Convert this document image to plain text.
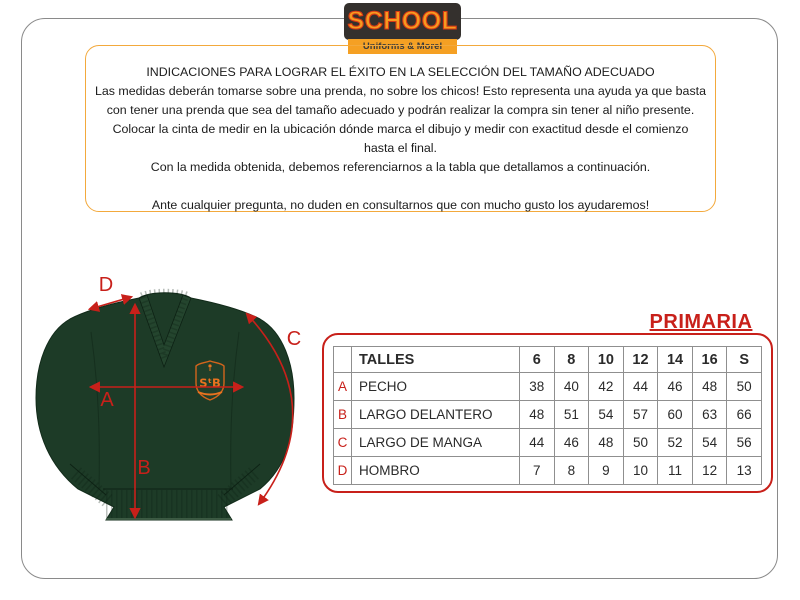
SCHOOL
Uniforms & Morel
INDICACIONES PARA LOGRAR EL ÉXITO EN LA SELECCIÓN DEL TAMAÑO ADECUADO
Las medidas deberán tomarse sobre una prenda, no sobre los chicos! Esto representa una ayuda ya que basta
con tener una prenda que sea del tamaño adecuado y podrán realizar la compra sin tener al niño presente.
Colocar la cinta de medir en la ubicación dónde marca el dibujo y medir con exactitud desde el comienzo
hasta el final.
Con la medida obtenida, debemos referenciarnos a la tabla que detallamos a continuación.
Ante cualquier pregunta, no duden en consultarnos que con mucho gusto los ayudaremos!
SᵗB
D
A
B
C
PRIMARIA
	TALLES	6	8	10	12	14	16	S
A	PECHO	38	40	42	44	46	48	50
B	LARGO DELANTERO	48	51	54	57	60	63	66
C	LARGO DE MANGA	44	46	48	50	52	54	56
D	HOMBRO	7	8	9	10	11	12	13
